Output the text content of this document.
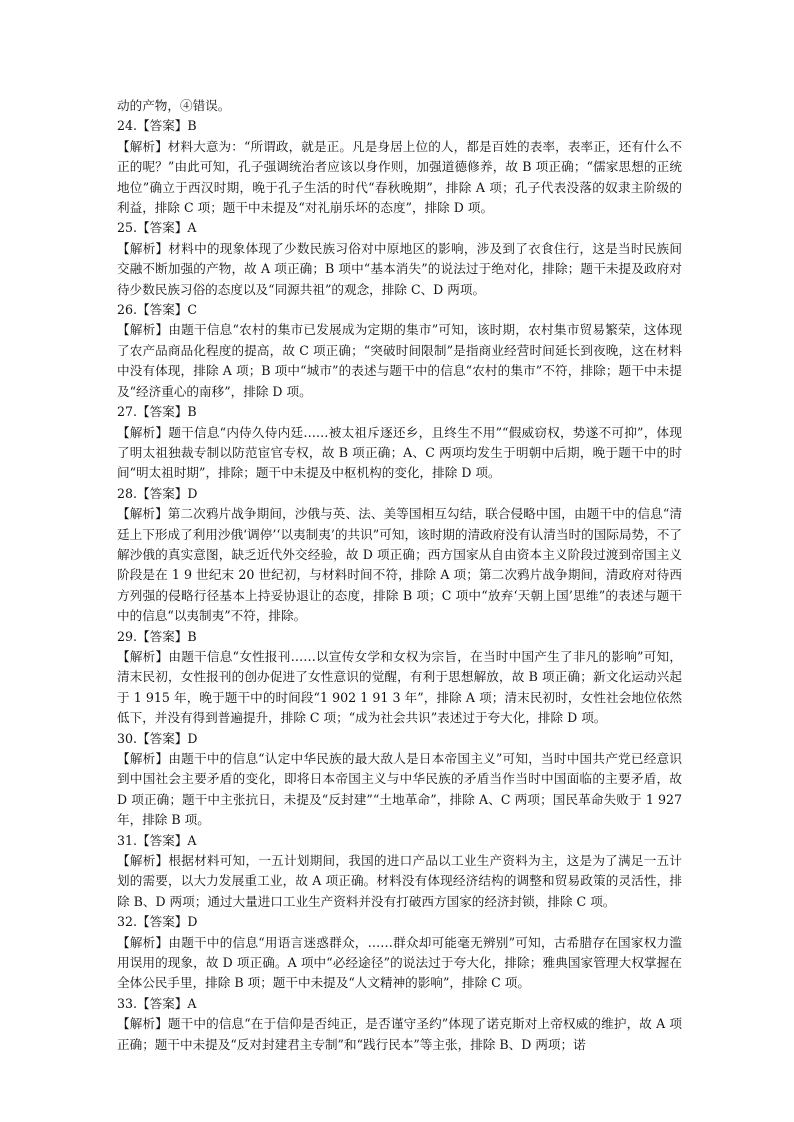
动的产物，④错误。
24.【答案】B
【解析】材料大意为：“所谓政，就是正。凡是身居上位的人，都是百姓的表率，表率正，还有什么不正的呢？”由此可知，孔子强调统治者应该以身作则，加强道德修养，故 B 项正确；“儒家思想的正统地位”确立于西汉时期，晚于孔子生活的时代“春秋晚期”，排除 A 项；孔子代表没落的奴隶主阶级的利益，排除 C 项；题干中未提及“对礼崩乐坏的态度”，排除 D 项。
25.【答案】A
【解析】材料中的现象体现了少数民族习俗对中原地区的影响，涉及到了衣食住行，这是当时民族间交融不断加强的产物，故 A 项正确；B 项中“基本消失”的说法过于绝对化，排除；题干未提及政府对待少数民族习俗的态度以及“同源共祖”的观念，排除 C、D 两项。
26.【答案】C
【解析】由题干信息“农村的集市已发展成为定期的集市”可知，该时期，农村集市贸易繁荣，这体现了农产品商品化程度的提高，故 C 项正确；“突破时间限制”是指商业经营时间延长到夜晚，这在材料中没有体现，排除 A 项；B 项中“城市”的表述与题干中的信息“农村的集市”不符，排除；题干中未提及“经济重心的南移”，排除 D 项。
27.【答案】B
【解析】题干信息“内侍久侍内廷……被太祖斥逐还乡，且终生不用”“假威窃权，势遂不可抑”，体现了明太祖独裁专制以防范宦官专权，故 B 项正确；A、C 两项均发生于明朝中后期，晚于题干中的时间“明太祖时期”，排除；题干中未提及中枢机构的变化，排除 D 项。
28.【答案】D
【解析】第二次鸦片战争期间，沙俄与英、法、美等国相互勾结，联合侵略中国，由题干中的信息“清廷上下形成了利用沙俄‘调停’‘以夷制夷’的共识”可知，该时期的清政府没有认清当时的国际局势，不了解沙俄的真实意图，缺乏近代外交经验，故 D 项正确；西方国家从自由资本主义阶段过渡到帝国主义阶段是在 1 9 世纪末 20 世纪初，与材料时间不符，排除 A 项；第二次鸦片战争期间，清政府对待西方列强的侵略行径基本上持妥协退让的态度，排除 B 项；C 项中“放弃‘天朝上国’思维”的表述与题干中的信息“以夷制夷”不符，排除。
29.【答案】B
【解析】由题干信息“女性报刊……以宣传女学和女权为宗旨，在当时中国产生了非凡的影响”可知，清末民初，女性报刊的创办促进了女性意识的觉醒，有利于思想解放，故 B 项正确；新文化运动兴起于 1 915 年，晚于题干中的时间段“1 902 1 91 3 年”，排除 A 项；清末民初时，女性社会地位依然低下，并没有得到普遍提升，排除 C 项；“成为社会共识”表述过于夸大化，排除 D 项。
30.【答案】D
【解析】由题干中的信息“认定中华民族的最大敌人是日本帝国主义”可知，当时中国共产党已经意识到中国社会主要矛盾的变化，即将日本帝国主义与中华民族的矛盾当作当时中国面临的主要矛盾，故 D 项正确；题干中主张抗日，未提及“反封建”“土地革命”，排除 A、C 两项；国民革命失败于 1 927 年，排除 B 项。
31.【答案】A
【解析】根据材料可知，一五计划期间，我国的进口产品以工业生产资料为主，这是为了满足一五计划的需要，以大力发展重工业，故 A 项正确。材料没有体现经济结构的调整和贸易政策的灵活性，排除 B、D 两项；通过大量进口工业生产资料并没有打破西方国家的经济封锁，排除 C 项。
32.【答案】D
【解析】由题干中的信息“用语言迷惑群众，……群众却可能毫无辨别”可知，古希腊存在国家权力滥用误用的现象，故 D 项正确。A 项中“必经途径”的说法过于夸大化，排除；雅典国家管理大权掌握在全体公民手里，排除 B 项；题干中未提及“人文精神的影响”，排除 C 项。
33.【答案】A
【解析】题干中的信息“在于信仰是否纯正，是否谨守圣约”体现了诺克斯对上帝权威的维护，故 A 项正确；题干中未提及“反对封建君主专制”和“践行民本”等主张，排除 B、D 两项；诺
